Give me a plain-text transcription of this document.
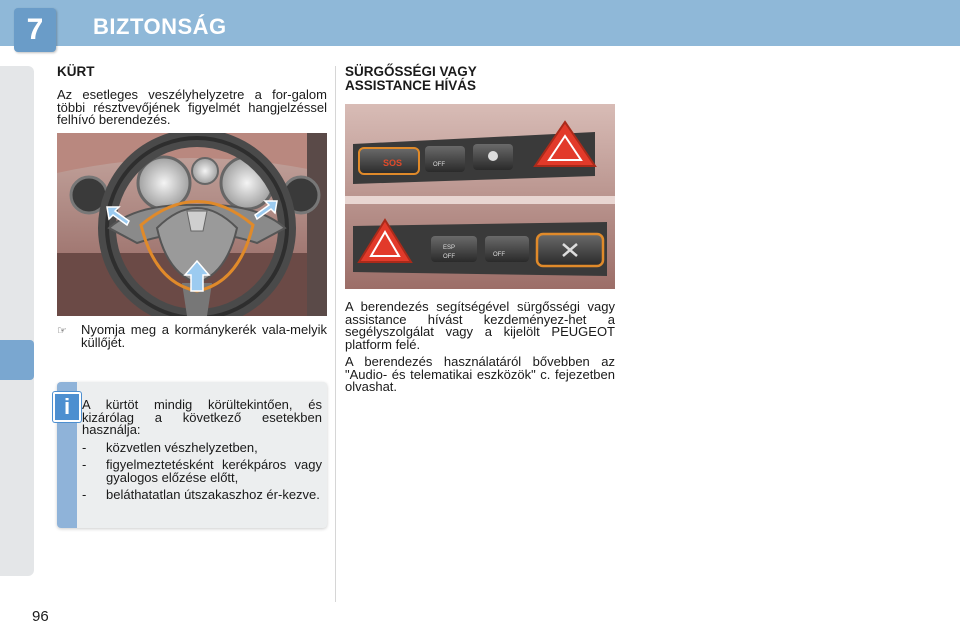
7	BIZTONSÁG
96
KÜRT

Az esetleges veszélyhelyzetre a for-galom többi résztvevőjének figyelmét hangjelzéssel felhívó berendezés.

☞ Nyomja meg a kormánykerék vala-melyik küllőjét.

i A kürtöt mindig körültekintően, és kizárólag a következő esetekben használja:

- közvetlen vészhelyzetben,
- figyelmeztetésként kerékpáros vagy gyalogos előzése előtt,
- beláthatatlan útszakaszhoz ér-kezve.
SÜRGŐSSÉGI VAGY ASSISTANCE HÍVÁS
SOS	OFF
ESP
OFF	OFF

A berendezés segítségével sürgősségi vagy assistance hívást kezdeményez-het a segélyszolgálat vagy a kijelölt PEUGEOT platform felé.

A berendezés használatáról bővebben az "Audio- és telematikai eszközök" c. fejezetben olvashat.
